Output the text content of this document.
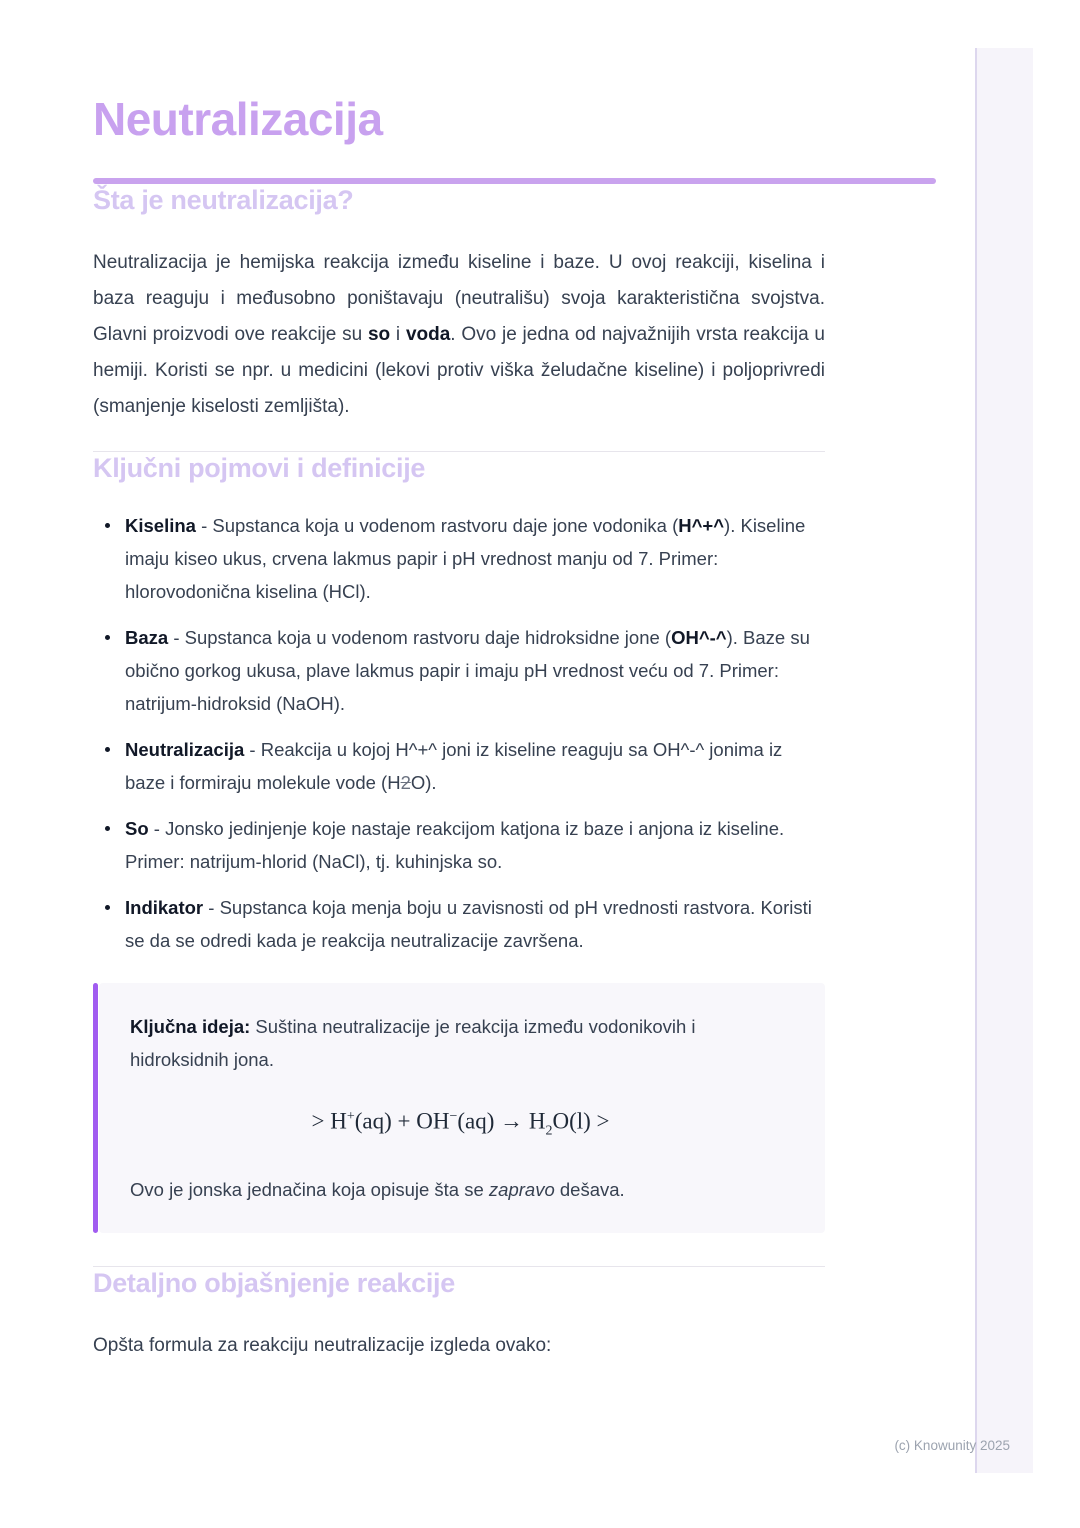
Neutralizacija
Šta je neutralizacija?

Neutralizacija je hemijska reakcija između kiseline i baze. U ovoj reakciji, kiselina i baza reaguju i međusobno poništavaju (neutrališu) svoja karakteristična svojstva. Glavni proizvodi ove reakcije su so i voda. Ovo je jedna od najvažnijih vrsta reakcija u hemiji. Koristi se npr. u medicini (lekovi protiv viška želudačne kiseline) i poljoprivredi (smanjenje kiselosti zemljišta).

Ključni pojmovi i definicije
Kiselina - Supstanca koja u vodenom rastvoru daje jone vodonika (H^+^). Kiseline imaju kiseo ukus, crvena lakmus papir i pH vrednost manju od 7. Primer: hlorovodonična kiselina (HCl).
Baza - Supstanca koja u vodenom rastvoru daje hidroksidne jone (OH^-^). Baze su obično gorkog ukusa, plave lakmus papir i imaju pH vrednost veću od 7. Primer: natrijum-hidroksid (NaOH).
Neutralizacija - Reakcija u kojoj H^+^ joni iz kiseline reaguju sa OH^-^ jonima iz baze i formiraju molekule vode (H2O).
So - Jonsko jedinjenje koje nastaje reakcijom katjona iz baze i anjona iz kiseline. Primer: natrijum-hlorid (NaCl), tj. kuhinjska so.
Indikator - Supstanca koja menja boju u zavisnosti od pH vrednosti rastvora. Koristi se da se odredi kada je reakcija neutralizacije završena.

Ključna ideja: Suština neutralizacije je reakcija između vodonikovih i hidroksidnih jona.

> $H^+(aq) + OH^-(aq) \to H_2O(l)$ >

Ovo je jonska jednačina koja opisuje šta se zapravo dešava.

Detaljno objašnjenje reakcije

Opšta formula za reakciju neutralizacije izgleda ovako:

(c) Knowunity 2025
